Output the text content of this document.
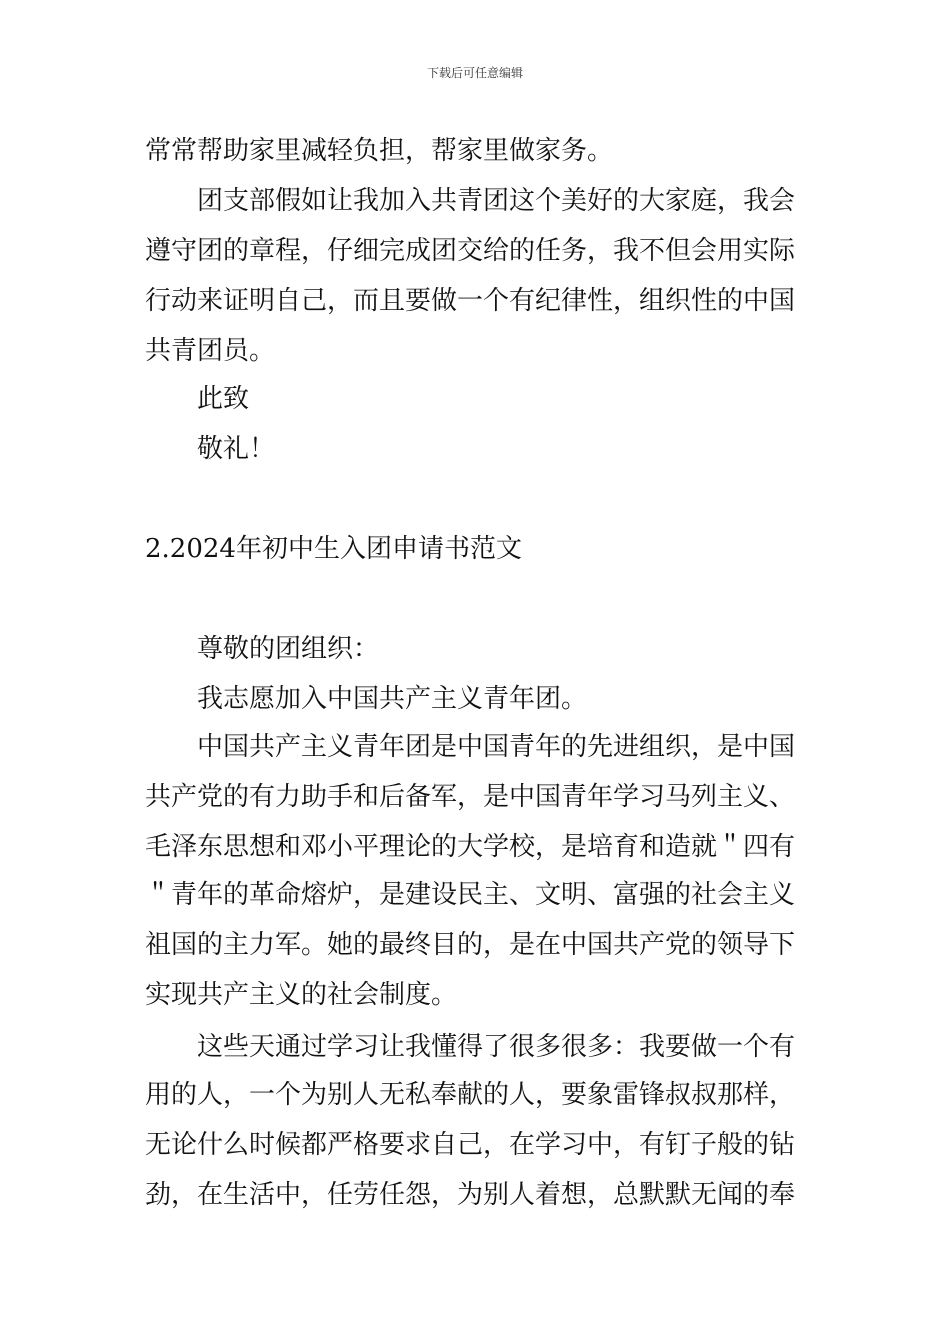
下载后可任意编辑
常常帮助家里减轻负担，帮家里做家务。
团支部假如让我加入共青团这个美好的大家庭，我会
遵守团的章程，仔细完成团交给的任务，我不但会用实际
行动来证明自己，而且要做一个有纪律性，组织性的中国
共青团员。
此致
敬礼！
2.2024年初中生入团申请书范文
尊敬的团组织：
我志愿加入中国共产主义青年团。
中国共产主义青年团是中国青年的先进组织，是中国
共产党的有力助手和后备军，是中国青年学习马列主义、
毛泽东思想和邓小平理论的大学校，是培育和造就＂四有
＂青年的革命熔炉，是建设民主、文明、富强的社会主义
祖国的主力军。她的最终目的，是在中国共产党的领导下
实现共产主义的社会制度。
这些天通过学习让我懂得了很多很多：我要做一个有
用的人，一个为别人无私奉献的人，要象雷锋叔叔那样，
无论什么时候都严格要求自己，在学习中，有钉子般的钻
劲，在生活中，任劳任怨，为别人着想，总默默无闻的奉
